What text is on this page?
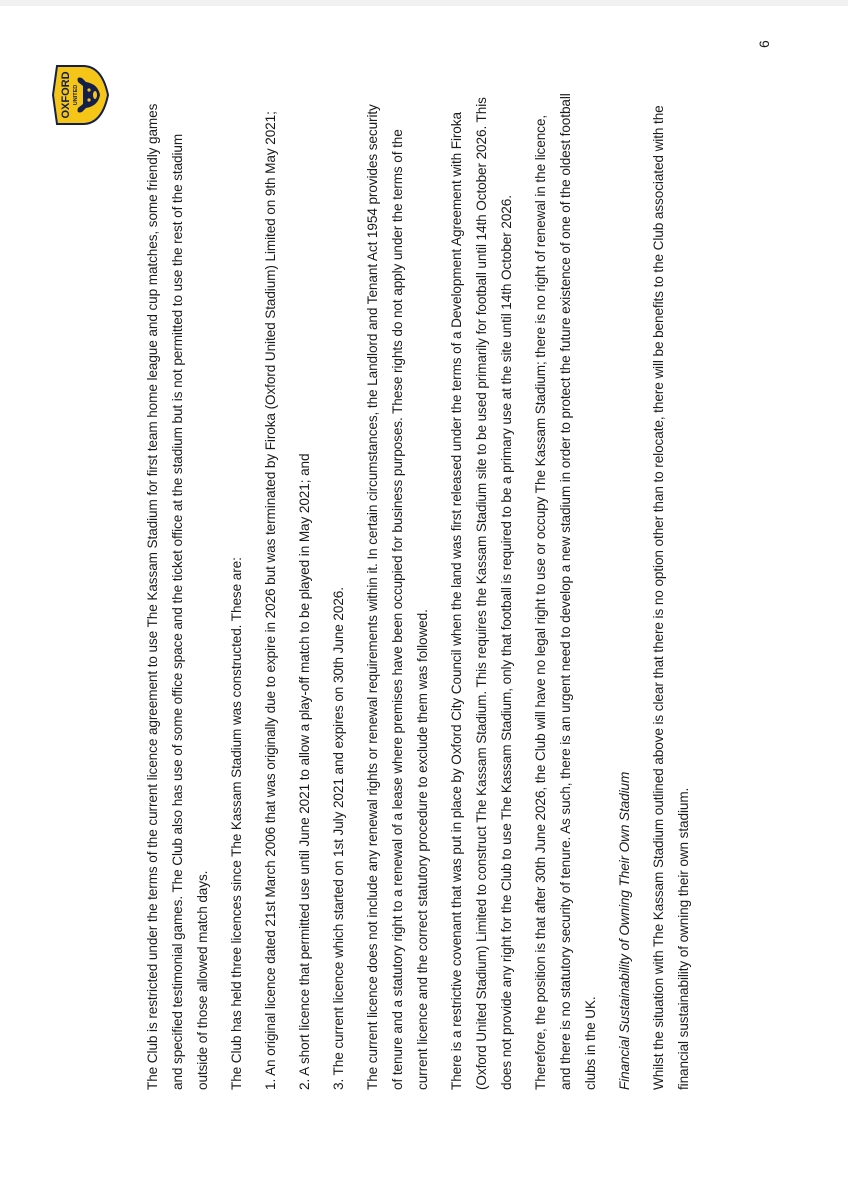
OXFORD UNITED

The Club is restricted under the terms of the current licence agreement to use The Kassam Stadium for first team home league and cup matches, some friendly games and specified testimonial games. The Club also has use of some office space and the ticket office at the stadium but is not permitted to use the rest of the stadium outside of those allowed match days.	The Club has held three licences since The Kassam Stadium was constructed. These are:	1. An original licence dated 21st March 2006 that was originally due to expire in 2026 but was terminated by Firoka (Oxford United Stadium) Limited on 9th May 2021;	2. A short licence that permitted use until June 2021 to allow a play-off match to be played in May 2021; and	3. The current licence which started on 1st July 2021 and expires on 30th June 2026.	The current licence does not include any renewal rights or renewal requirements within it. In certain circumstances, the Landlord and Tenant Act 1954 provides security of tenure and a statutory right to a renewal of a lease where premises have been occupied for business purposes. These rights do not apply under the terms of the current licence and the correct statutory procedure to exclude them was followed.	There is a restrictive covenant that was put in place by Oxford City Council when the land was first released under the terms of a Development Agreement with Firoka (Oxford United Stadium) Limited to construct The Kassam Stadium. This requires the Kassam Stadium site to be used primarily for football until 14th October 2026. This does not provide any right for the Club to use The Kassam Stadium, only that football is required to be a primary use at the site until 14th October 2026.	Therefore, the position is that after 30th June 2026, the Club will have no legal right to use or occupy The Kassam Stadium; there is no right of renewal in the licence, and there is no statutory security of tenure. As such, there is an urgent need to develop a new stadium in order to protect the future existence of one of the oldest football clubs in the UK.	Financial Sustainability of Owning Their Own Stadium	Whilst the situation with The Kassam Stadium outlined above is clear that there is no option other than to relocate, there will be benefits to the Club associated with the financial sustainability of owning their own stadium.

6
